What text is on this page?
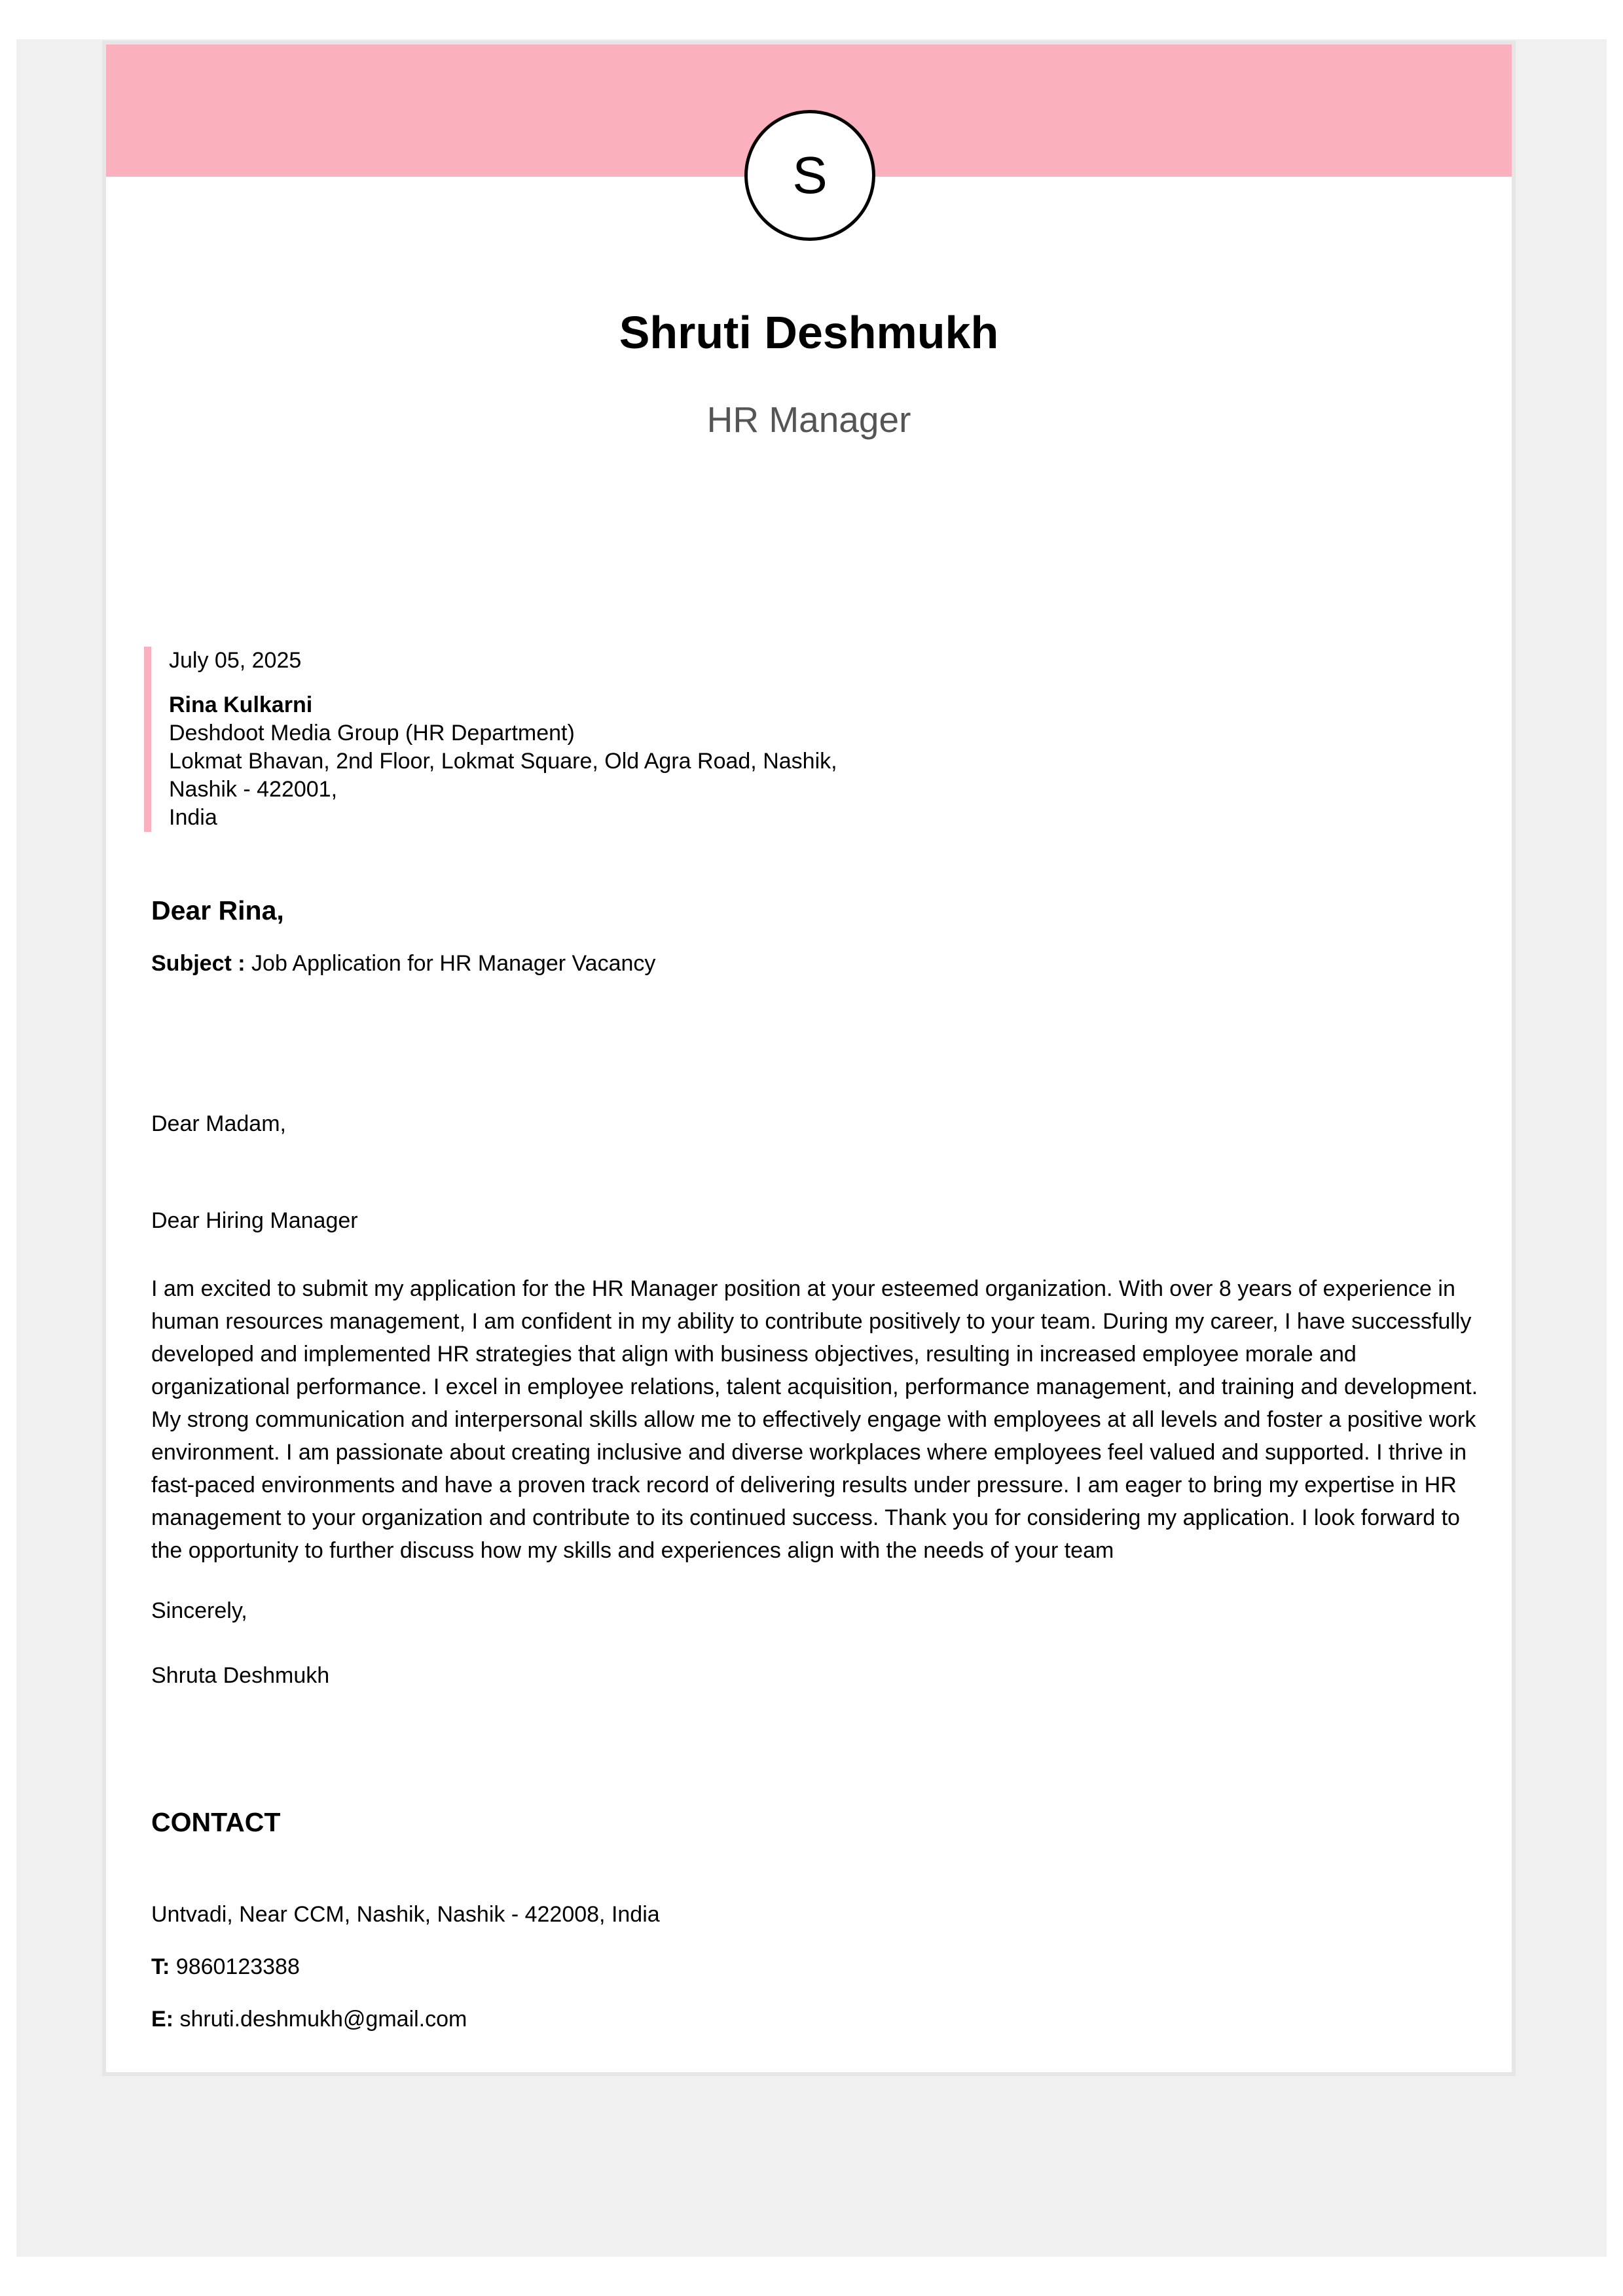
S
Shruti Deshmukh
HR Manager
July 05, 2025
Rina Kulkarni
Deshdoot Media Group (HR Department)
Lokmat Bhavan, 2nd Floor, Lokmat Square, Old Agra Road, Nashik,
Nashik - 422001,
India
Dear Rina,
Subject : Job Application for HR Manager Vacancy
Dear Madam,
Dear Hiring Manager
I am excited to submit my application for the HR Manager position at your esteemed organization. With over 8 years of experience in human resources management, I am confident in my ability to contribute positively to your team. During my career, I have successfully developed and implemented HR strategies that align with business objectives, resulting in increased employee morale and organizational performance. I excel in employee relations, talent acquisition, performance management, and training and development. My strong communication and interpersonal skills allow me to effectively engage with employees at all levels and foster a positive work environment. I am passionate about creating inclusive and diverse workplaces where employees feel valued and supported. I thrive in fast-paced environments and have a proven track record of delivering results under pressure. I am eager to bring my expertise in HR management to your organization and contribute to its continued success. Thank you for considering my application. I look forward to the opportunity to further discuss how my skills and experiences align with the needs of your team
Sincerely,
Shruta Deshmukh
CONTACT
Untvadi, Near CCM, Nashik, Nashik - 422008, India
T: 9860123388
E: shruti.deshmukh@gmail.com
